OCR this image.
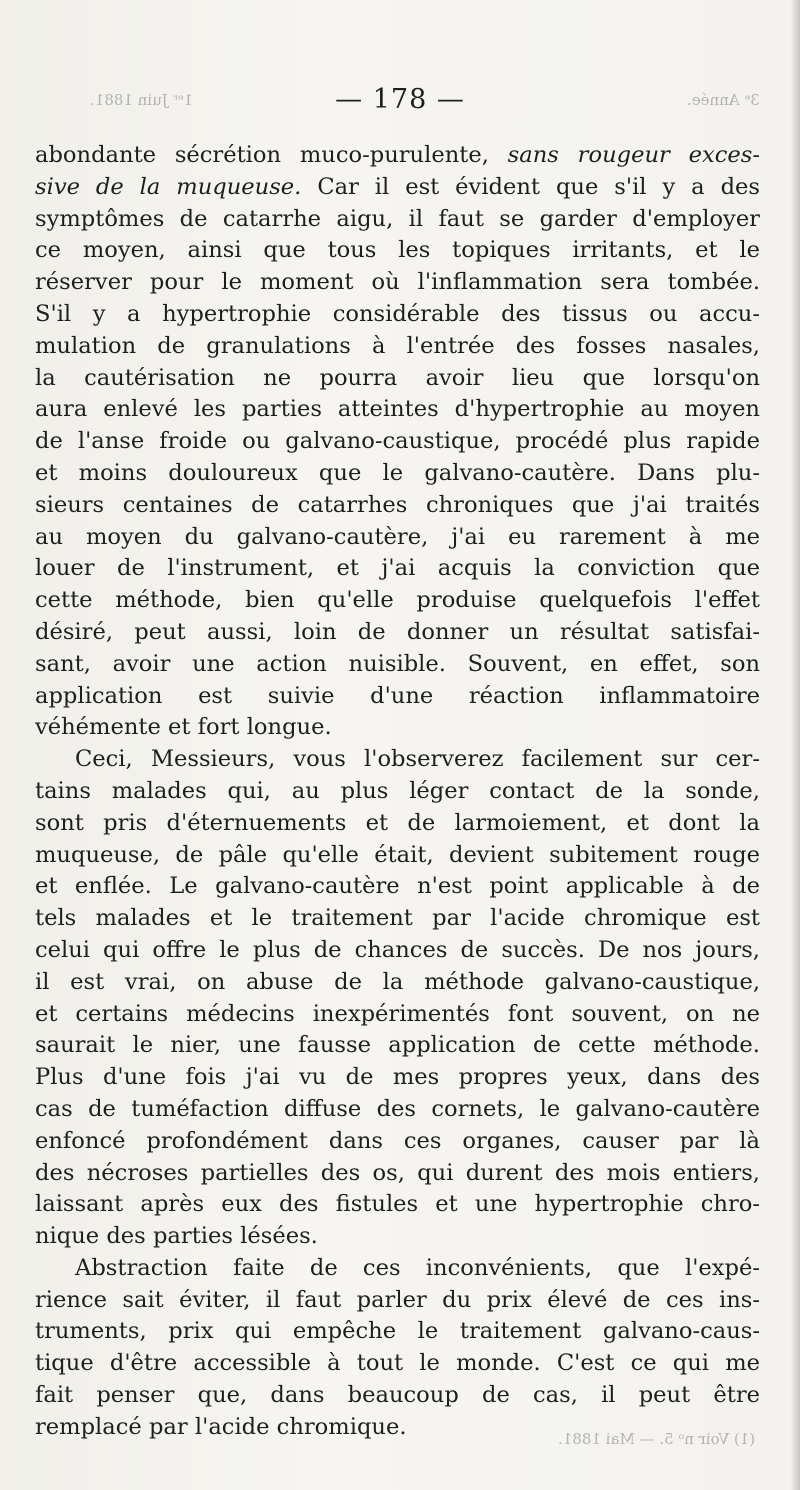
1ᵉʳ Juin 1881.	3ᵉ Année.
(1) Voir nᵒ 5. — Mai 1881.
— 178 —
abondante sécrétion muco-purulente, sans rougeur exces-
sive de la muqueuse. Car il est évident que s'il y a des
symptômes de catarrhe aigu, il faut se garder d'employer
ce moyen, ainsi que tous les topiques irritants, et le
réserver pour le moment où l'inflammation sera tombée.
S'il y a hypertrophie considérable des tissus ou accu-
mulation de granulations à l'entrée des fosses nasales,
la cautérisation ne pourra avoir lieu que lorsqu'on
aura enlevé les parties atteintes d'hypertrophie au moyen
de l'anse froide ou galvano-caustique, procédé plus rapide
et moins douloureux que le galvano-cautère. Dans plu-
sieurs centaines de catarrhes chroniques que j'ai traités
au moyen du galvano-cautère, j'ai eu rarement à me
louer de l'instrument, et j'ai acquis la conviction que
cette méthode, bien qu'elle produise quelquefois l'effet
désiré, peut aussi, loin de donner un résultat satisfai-
sant, avoir une action nuisible. Souvent, en effet, son
application est suivie d'une réaction inflammatoire
véhémente et fort longue.
Ceci, Messieurs, vous l'observerez facilement sur cer-
tains malades qui, au plus léger contact de la sonde,
sont pris d'éternuements et de larmoiement, et dont la
muqueuse, de pâle qu'elle était, devient subitement rouge
et enflée. Le galvano-cautère n'est point applicable à de
tels malades et le traitement par l'acide chromique est
celui qui offre le plus de chances de succès. De nos jours,
il est vrai, on abuse de la méthode galvano-caustique,
et certains médecins inexpérimentés font souvent, on ne
saurait le nier, une fausse application de cette méthode.
Plus d'une fois j'ai vu de mes propres yeux, dans des
cas de tuméfaction diffuse des cornets, le galvano-cautère
enfoncé profondément dans ces organes, causer par là
des nécroses partielles des os, qui durent des mois entiers,
laissant après eux des fistules et une hypertrophie chro-
nique des parties lésées.
Abstraction faite de ces inconvénients, que l'expé-
rience sait éviter, il faut parler du prix élevé de ces ins-
truments, prix qui empêche le traitement galvano-caus-
tique d'être accessible à tout le monde. C'est ce qui me
fait penser que, dans beaucoup de cas, il peut être
remplacé par l'acide chromique.
